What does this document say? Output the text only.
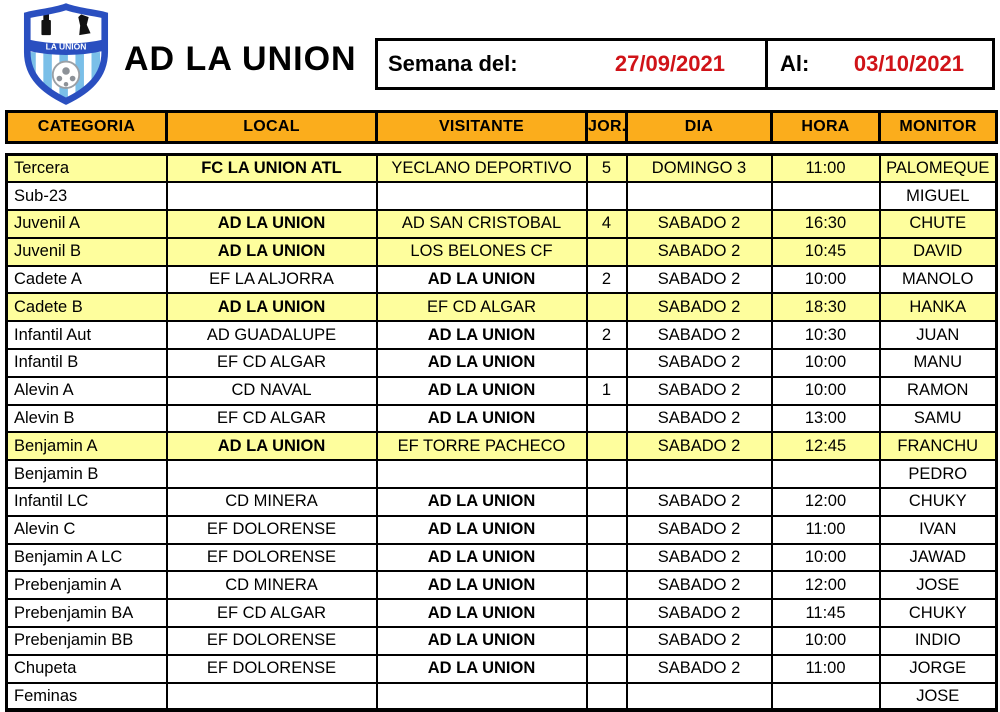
LA UNIÓN AD LA UNION Semana del:	27/09/2021	Al: 03/10/2021
CATEGORIA	LOCAL	VISITANTE	JOR.	DIA	HORA	MONITOR
Tercera	FC LA UNION ATL	YECLANO DEPORTIVO	5	DOMINGO 3	11:00	PALOMEQUE
Sub-23						MIGUEL
Juvenil A	AD LA UNION	AD SAN CRISTOBAL	4	SABADO 2	16:30	CHUTE
Juvenil B	AD LA UNION	LOS BELONES CF		SABADO 2	10:45	DAVID
Cadete A	EF LA ALJORRA	AD LA UNION	2	SABADO 2	10:00	MANOLO
Cadete B	AD LA UNION	EF CD ALGAR		SABADO 2	18:30	HANKA
Infantil Aut	AD GUADALUPE	AD LA UNION	2	SABADO 2	10:30	JUAN
Infantil B	EF CD ALGAR	AD LA UNION		SABADO 2	10:00	MANU
Alevin A	CD NAVAL	AD LA UNION	1	SABADO 2	10:00	RAMON
Alevin B	EF CD ALGAR	AD LA UNION		SABADO 2	13:00	SAMU
Benjamin A	AD LA UNION	EF TORRE PACHECO		SABADO 2	12:45	FRANCHU
Benjamin B						PEDRO
Infantil LC	CD MINERA	AD LA UNION		SABADO 2	12:00	CHUKY
Alevin C	EF DOLORENSE	AD LA UNION		SABADO 2	11:00	IVAN
Benjamin A LC	EF DOLORENSE	AD LA UNION		SABADO 2	10:00	JAWAD
Prebenjamin A	CD MINERA	AD LA UNION		SABADO 2	12:00	JOSE
Prebenjamin BA	EF CD ALGAR	AD LA UNION		SABADO 2	11:45	CHUKY
Prebenjamin BB	EF DOLORENSE	AD LA UNION		SABADO 2	10:00	INDIO
Chupeta	EF DOLORENSE	AD LA UNION		SABADO 2	11:00	JORGE
Feminas						JOSE
